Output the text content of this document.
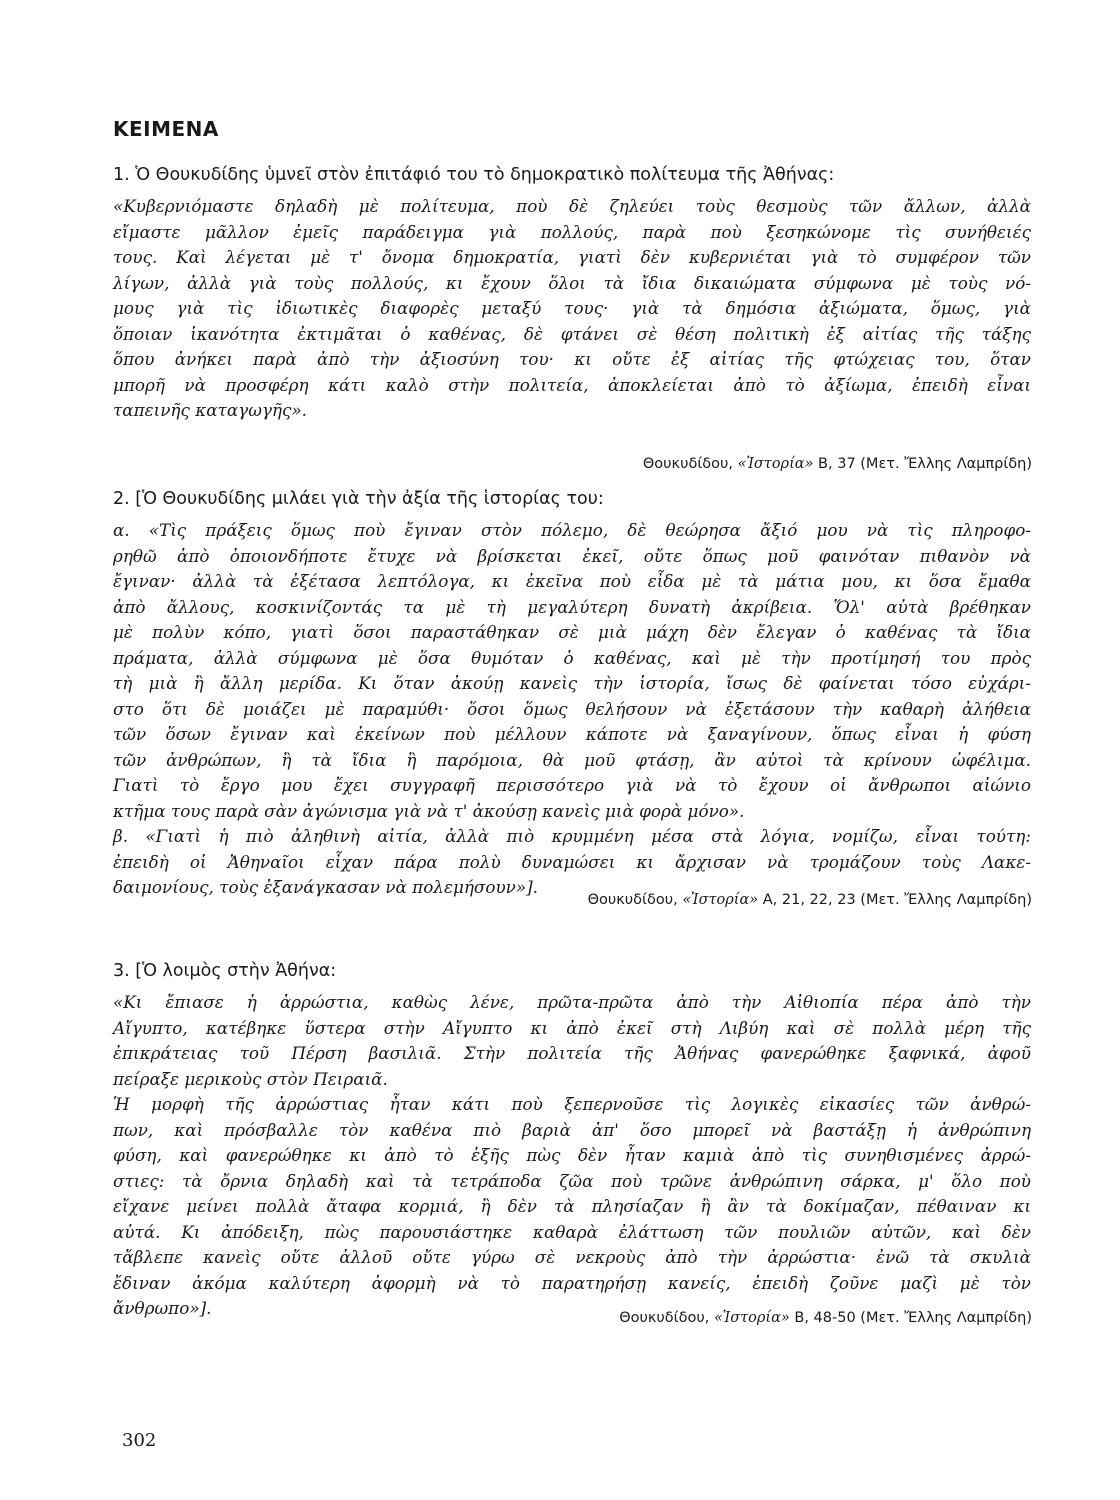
KEIMENA
1. Ὁ Θουκυδίδης ὑμνεῖ στὸν ἐπιτάφιό του τὸ δημοκρατικὸ πολίτευμα τῆς Ἀθήνας:
«Κυβερνιόμαστε δηλαδὴ μὲ πολίτευμα, ποὺ δὲ ζηλεύει τοὺς θεσμοὺς τῶν ἄλλων, ἀλλὰ
εἴμαστε μᾶλλον ἐμεῖς παράδειγμα γιὰ πολλούς, παρὰ ποὺ ξεσηκώνομε τὶς συνήθειές
τους. Καὶ λέγεται μὲ τ' ὄνομα δημοκρατία, γιατὶ δὲν κυβερνιέται γιὰ τὸ συμφέρον τῶν
λίγων, ἀλλὰ γιὰ τοὺς πολλούς, κι ἔχουν ὅλοι τὰ ἴδια δικαιώματα σύμφωνα μὲ τοὺς νό-
μους γιὰ τὶς ἰδιωτικὲς διαφορὲς μεταξύ τους· γιὰ τὰ δημόσια ἀξιώματα, ὅμως, γιὰ
ὅποιαν ἱκανότητα ἐκτιμᾶται ὁ καθένας, δὲ φτάνει σὲ θέση πολιτικὴ ἐξ αἰτίας τῆς τάξης
ὅπου ἀνήκει παρὰ ἀπὸ τὴν ἀξιοσύνη του· κι οὔτε ἐξ αἰτίας τῆς φτώχειας του, ὅταν
μπορῆ νὰ προσφέρη κάτι καλὸ στὴν πολιτεία, ἀποκλείεται ἀπὸ τὸ ἀξίωμα, ἐπειδὴ εἶναι
ταπεινῆς καταγωγῆς».
Θουκυδίδου, «Ἱστορία» Β, 37 (Μετ. Ἔλλης Λαμπρίδη)
2. [Ὁ Θουκυδίδης μιλάει γιὰ τὴν ἀξία τῆς ἱστορίας του:
α. «Τὶς πράξεις ὅμως ποὺ ἔγιναν στὸν πόλεμο, δὲ θεώρησα ἄξιό μου νὰ τὶς πληροφο-
ρηθῶ ἀπὸ ὁποιονδήποτε ἔτυχε νὰ βρίσκεται ἐκεῖ, οὔτε ὅπως μοῦ φαινόταν πιθανὸν νὰ
ἔγιναν· ἀλλὰ τὰ ἐξέτασα λεπτόλογα, κι ἐκεῖνα ποὺ εἶδα μὲ τὰ μάτια μου, κι ὅσα ἔμαθα
ἀπὸ ἄλλους, κοσκινίζοντάς τα μὲ τὴ μεγαλύτερη δυνατὴ ἀκρίβεια. Ὅλ' αὐτὰ βρέθηκαν
μὲ πολὺν κόπο, γιατὶ ὅσοι παραστάθηκαν σὲ μιὰ μάχη δὲν ἔλεγαν ὁ καθένας τὰ ἴδια
πράματα, ἀλλὰ σύμφωνα μὲ ὅσα θυμόταν ὁ καθένας, καὶ μὲ τὴν προτίμησή του πρὸς
τὴ μιὰ ἢ ἄλλη μερίδα. Κι ὅταν ἀκούῃ κανεὶς τὴν ἱστορία, ἴσως δὲ φαίνεται τόσο εὐχάρι-
στο ὅτι δὲ μοιάζει μὲ παραμύθι· ὅσοι ὅμως θελήσουν νὰ ἐξετάσουν τὴν καθαρὴ ἀλήθεια
τῶν ὅσων ἔγιναν καὶ ἐκείνων ποὺ μέλλουν κάποτε νὰ ξαναγίνουν, ὅπως εἶναι ἡ φύση
τῶν ἀνθρώπων, ἢ τὰ ἴδια ἢ παρόμοια, θὰ μοῦ φτάσῃ, ἂν αὐτοὶ τὰ κρίνουν ὠφέλιμα.
Γιατὶ τὸ ἔργο μου ἔχει συγγραφῆ περισσότερο γιὰ νὰ τὸ ἔχουν οἱ ἄνθρωποι αἰώνιο
κτῆμα τους παρὰ σὰν ἀγώνισμα γιὰ νὰ τ' ἀκούσῃ κανεὶς μιὰ φορὰ μόνο».
β. «Γιατὶ ἡ πιὸ ἀληθινὴ αἰτία, ἀλλὰ πιὸ κρυμμένη μέσα στὰ λόγια, νομίζω, εἶναι τούτη:
ἐπειδὴ οἱ Ἀθηναῖοι εἶχαν πάρα πολὺ δυναμώσει κι ἄρχισαν νὰ τρομάζουν τοὺς Λακε-
δαιμονίους, τοὺς ἐξανάγκασαν νὰ πολεμήσουν»].
Θουκυδίδου, «Ἱστορία» Α, 21, 22, 23 (Μετ. Ἔλλης Λαμπρίδη)
3. [Ὁ λοιμὸς στὴν Ἀθήνα:
«Κι ἔπιασε ἡ ἀρρώστια, καθὼς λένε, πρῶτα-πρῶτα ἀπὸ τὴν Αἰθιοπία πέρα ἀπὸ τὴν
Αἴγυπτο, κατέβηκε ὕστερα στὴν Αἴγυπτο κι ἀπὸ ἐκεῖ στὴ Λιβύη καὶ σὲ πολλὰ μέρη τῆς
ἐπικράτειας τοῦ Πέρση βασιλιᾶ. Στὴν πολιτεία τῆς Ἀθήνας φανερώθηκε ξαφνικά, ἀφοῦ
πείραξε μερικοὺς στὸν Πειραιᾶ.
Ἡ μορφὴ τῆς ἀρρώστιας ἦταν κάτι ποὺ ξεπερνοῦσε τὶς λογικὲς εἰκασίες τῶν ἀνθρώ-
πων, καὶ πρόσβαλλε τὸν καθένα πιὸ βαριὰ ἀπ' ὅσο μπορεῖ νὰ βαστάξῃ ἡ ἀνθρώπινη
φύση, καὶ φανερώθηκε κι ἀπὸ τὸ ἑξῆς πὼς δὲν ἦταν καμιὰ ἀπὸ τὶς συνηθισμένες ἀρρώ-
στιες: τὰ ὄρνια δηλαδὴ καὶ τὰ τετράποδα ζῶα ποὺ τρῶνε ἀνθρώπινη σάρκα, μ' ὅλο ποὺ
εἴχανε μείνει πολλὰ ἄταφα κορμιά, ἢ δὲν τὰ πλησίαζαν ἢ ἂν τὰ δοκίμαζαν, πέθαιναν κι
αὐτά. Κι ἀπόδειξη, πὼς παρουσιάστηκε καθαρὰ ἐλάττωση τῶν πουλιῶν αὐτῶν, καὶ δὲν
τἄβλεπε κανεὶς οὔτε ἀλλοῦ οὔτε γύρω σὲ νεκροὺς ἀπὸ τὴν ἀρρώστια· ἐνῶ τὰ σκυλιὰ
ἔδιναν ἀκόμα καλύτερη ἀφορμὴ νὰ τὸ παρατηρήσῃ κανείς, ἐπειδὴ ζοῦνε μαζὶ μὲ τὸν
ἄνθρωπο»].	Θουκυδίδου, «Ἱστορία» Β, 48-50 (Μετ. Ἔλλης Λαμπρίδη)
302
